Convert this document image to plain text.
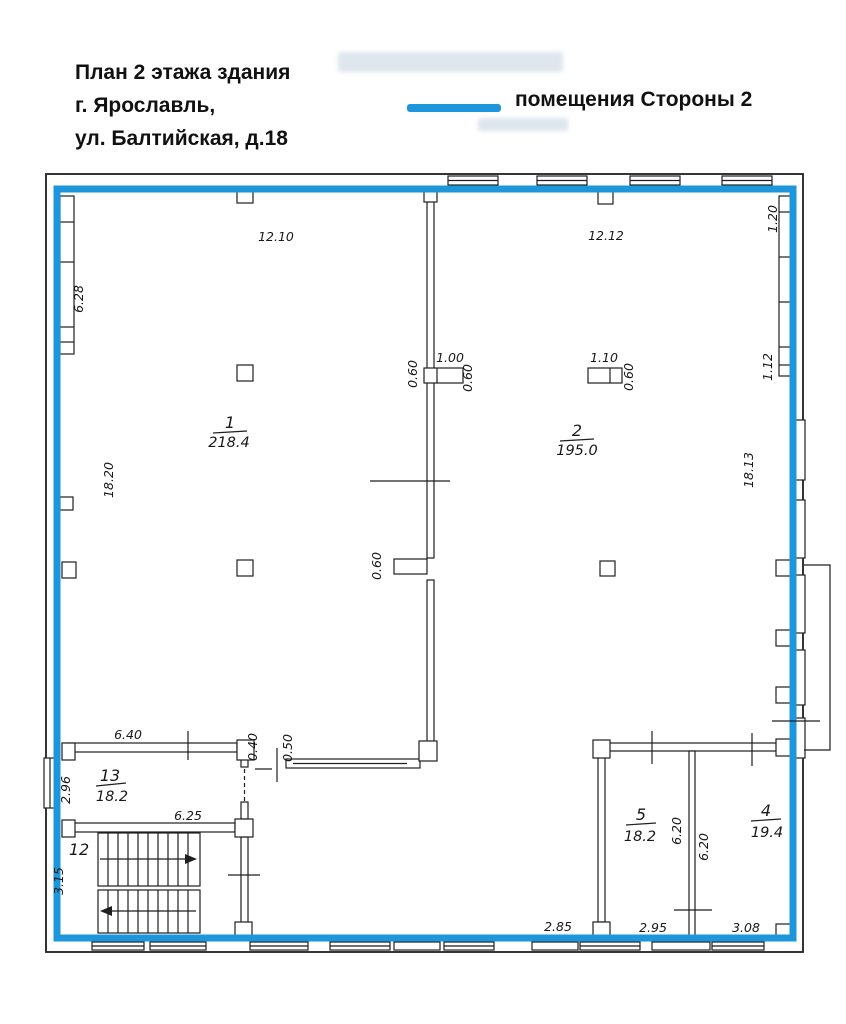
План 2 этажа здания
г. Ярославль,
ул. Балтийская, д.18
помещения Стороны 2
12.10	12.12
6.28
1.20
1.12
18.20	18.13
1.00
0.60	0.60
1.10
0.60
0.60
6.40
2.96
6.25
3.15
0.40 0.50
6.20
6.20
2.85	2.95	3.08
1
218.4
2
195.0
13
18.2
12
5
18.2
4
19.4
